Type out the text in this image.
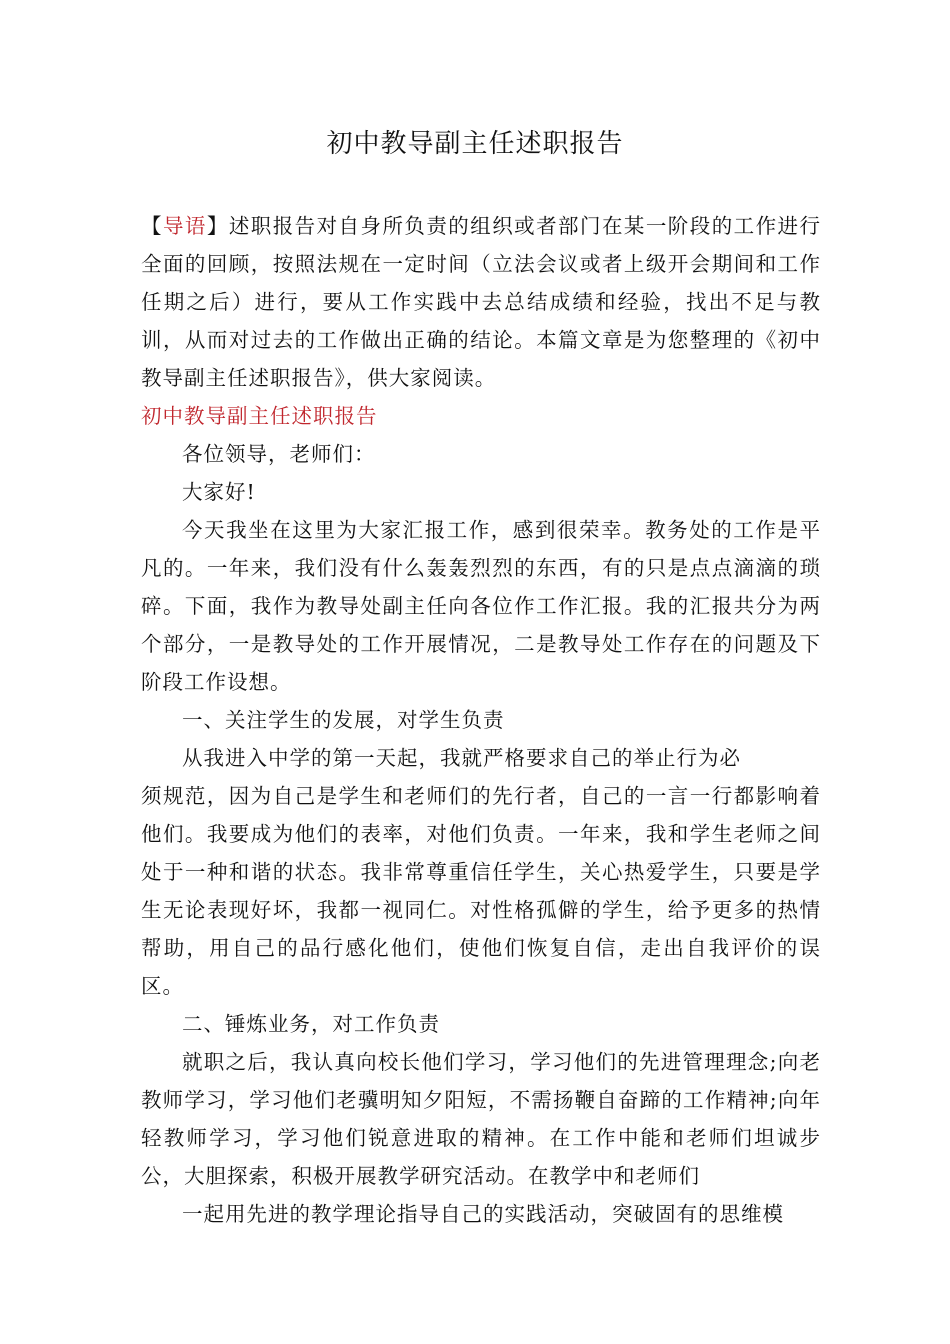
初中教导副主任述职报告

【导语】述职报告对自身所负责的组织或者部门在某一阶段的工作进行全面的回顾，按照法规在一定时间（立法会议或者上级开会期间和工作任期之后）进行，要从工作实践中去总结成绩和经验，找出不足与教训，从而对过去的工作做出正确的结论。本篇文章是为您整理的《初中教导副主任述职报告》，供大家阅读。

初中教导副主任述职报告

各位领导，老师们：

大家好!

今天我坐在这里为大家汇报工作，感到很荣幸。教务处的工作是平凡的。一年来，我们没有什么轰轰烈烈的东西，有的只是点点滴滴的琐碎。下面，我作为教导处副主任向各位作工作汇报。我的汇报共分为两个部分，一是教导处的工作开展情况，二是教导处工作存在的问题及下阶段工作设想。

一、关注学生的发展，对学生负责

从我进入中学的第一天起，我就严格要求自己的举止行为必

须规范，因为自己是学生和老师们的先行者，自己的一言一行都影响着他们。我要成为他们的表率，对他们负责。一年来，我和学生老师之间处于一种和谐的状态。我非常尊重信任学生，关心热爱学生，只要是学生无论表现好坏，我都一视同仁。对性格孤僻的学生，给予更多的热情帮助，用自己的品行感化他们，使他们恢复自信，走出自我评价的误区。

二、锤炼业务，对工作负责

就职之后，我认真向校长他们学习，学习他们的先进管理理念;向老教师学习，学习他们老骥明知夕阳短，不需扬鞭自奋蹄的工作精神;向年轻教师学习，学习他们锐意进取的精神。在工作中能和老师们坦诚步公，大胆探索，积极开展教学研究活动。在教学中和老师们

一起用先进的教学理论指导自己的实践活动，突破固有的思维模
